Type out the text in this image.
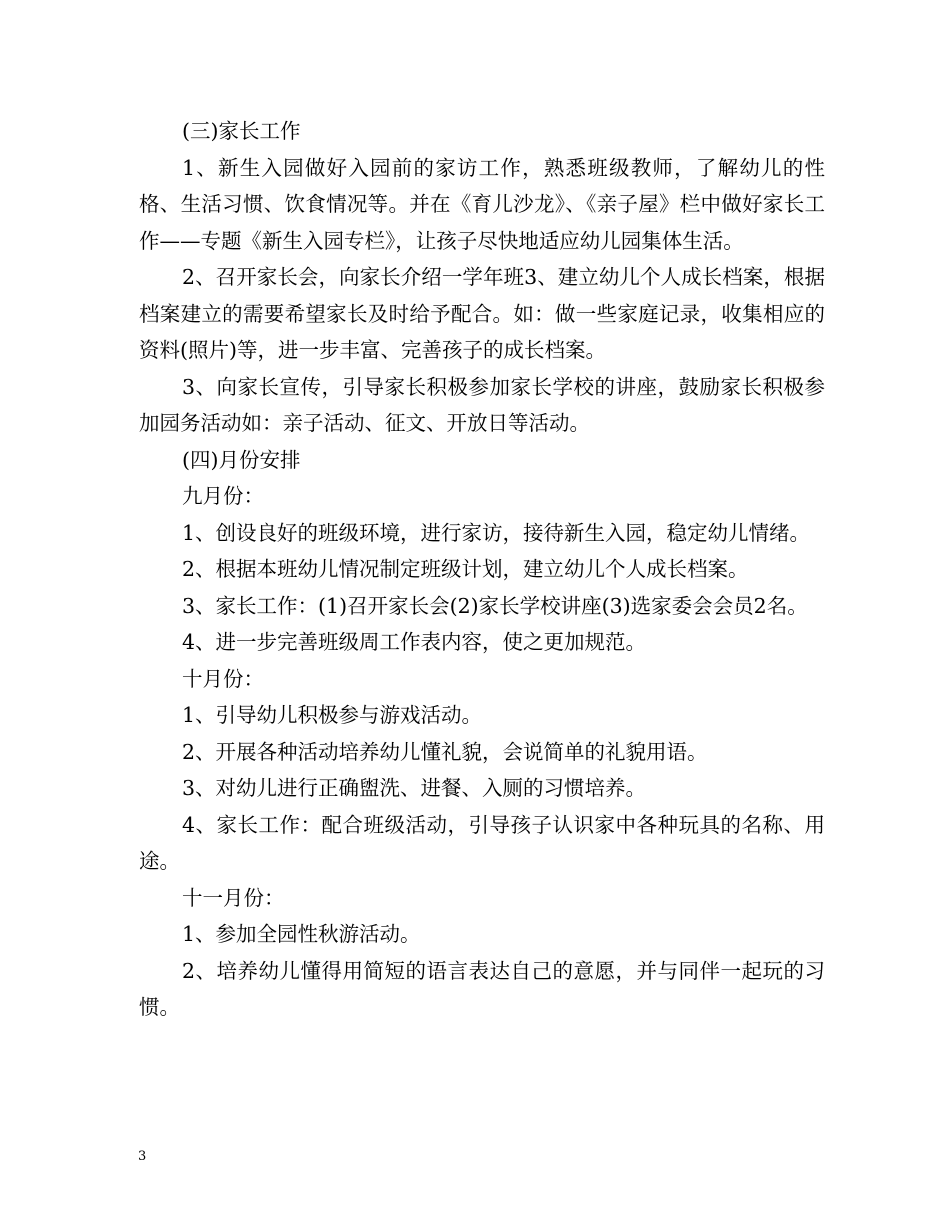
(三)家长工作

1、新生入园做好入园前的家访工作，熟悉班级教师，了解幼儿的性格、生活习惯、饮食情况等。并在《育儿沙龙》、《亲子屋》栏中做好家长工作——专题《新生入园专栏》，让孩子尽快地适应幼儿园集体生活。

2、召开家长会，向家长介绍一学年班3、建立幼儿个人成长档案，根据档案建立的需要希望家长及时给予配合。如：做一些家庭记录，收集相应的资料(照片)等，进一步丰富、完善孩子的成长档案。

3、向家长宣传，引导家长积极参加家长学校的讲座，鼓励家长积极参加园务活动如：亲子活动、征文、开放日等活动。

(四)月份安排

九月份：

1、创设良好的班级环境，进行家访，接待新生入园，稳定幼儿情绪。

2、根据本班幼儿情况制定班级计划，建立幼儿个人成长档案。

3、家长工作：(1)召开家长会(2)家长学校讲座(3)选家委会会员2名。

4、进一步完善班级周工作表内容，使之更加规范。

十月份：

1、引导幼儿积极参与游戏活动。

2、开展各种活动培养幼儿懂礼貌，会说简单的礼貌用语。

3、对幼儿进行正确盥洗、进餐、入厕的习惯培养。

4、家长工作：配合班级活动，引导孩子认识家中各种玩具的名称、用途。

十一月份：

1、参加全园性秋游活动。

2、培养幼儿懂得用简短的语言表达自己的意愿，并与同伴一起玩的习惯。

3
